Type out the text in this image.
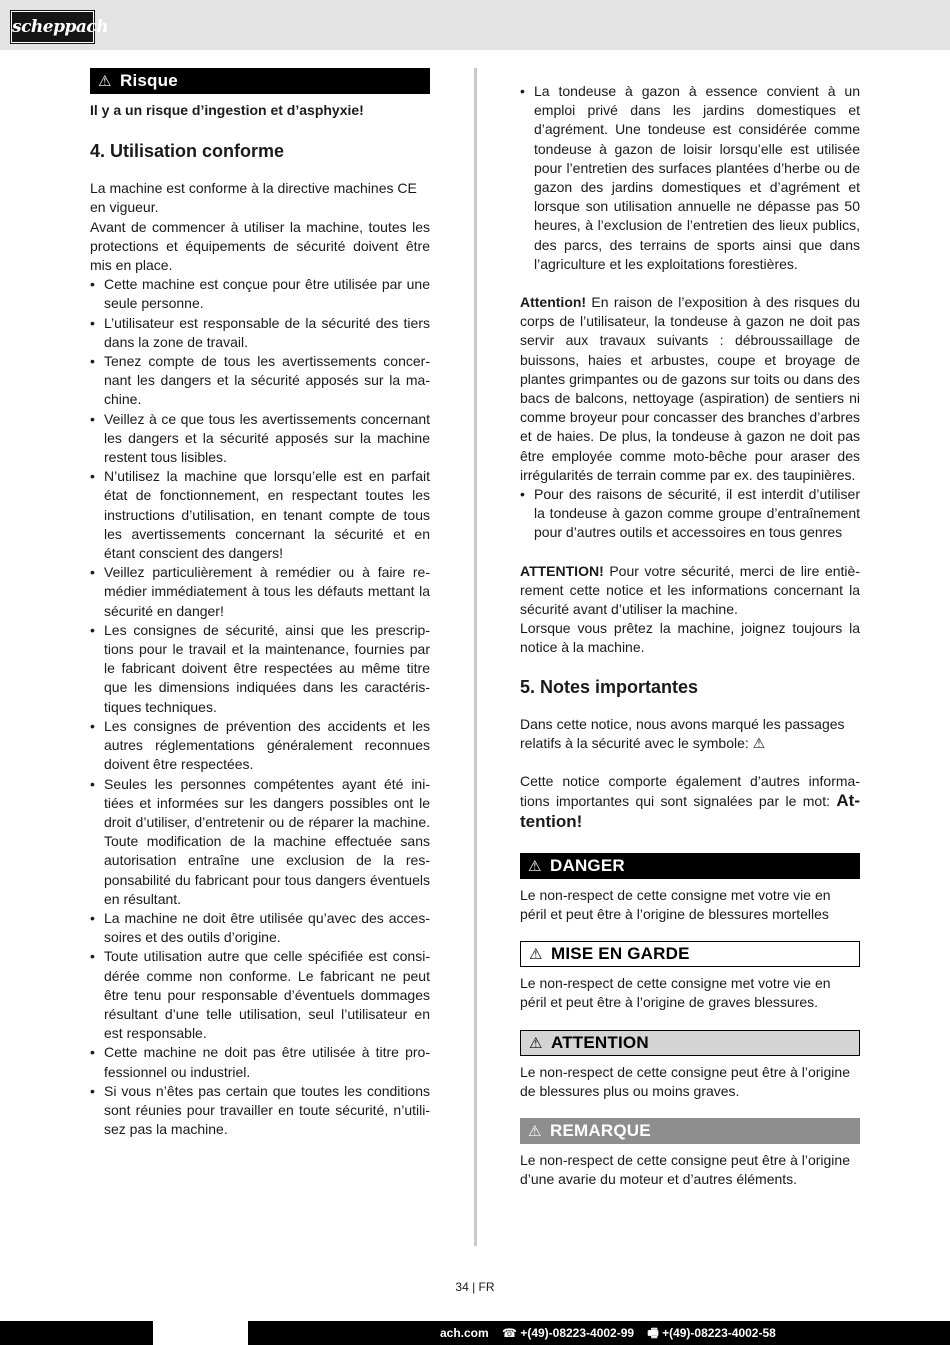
scheppach
⚠ Risque

Il y a un risque d’ingestion et d’asphyxie!

4. Utilisation conforme

La machine est conforme à la directive machines CE en vigueur.

Avant de commencer à utiliser la machine, toutes les protections et équipements de sécurité doivent être mis en place.

• Cette machine est conçue pour être utilisée par une seule personne.
• L’utilisateur est responsable de la sécurité des tiers dans la zone de travail.
• Tenez compte de tous les avertissements concernant les dangers et la sécurité apposés sur la machine.
• Veillez à ce que tous les avertissements concernant les dangers et la sécurité apposés sur la machine restent tous lisibles.
• N’utilisez la machine que lorsqu’elle est en parfait état de fonctionnement, en respectant toutes les instructions d’utilisation, en tenant compte de tous les avertissements concernant la sécurité et en étant conscient des dangers!
• Veillez particulièrement à remédier ou à faire remédier immédiatement à tous les défauts mettant la sécurité en danger!
• Les consignes de sécurité, ainsi que les prescriptions pour le travail et la maintenance, fournies par le fabricant doivent être respectées au même titre que les dimensions indiquées dans les caractéristiques techniques.
• Les consignes de prévention des accidents et les autres réglementations généralement reconnues doivent être respectées.
• Seules les personnes compétentes ayant été initiées et informées sur les dangers possibles ont le droit d’utiliser, d’entretenir ou de réparer la machine. Toute modification de la machine effectuée sans autorisation entraîne une exclusion de la responsabilité du fabricant pour tous dangers éventuels en résultant.
• La machine ne doit être utilisée qu’avec des accessoires et des outils d’origine.
• Toute utilisation autre que celle spécifiée est considérée comme non conforme. Le fabricant ne peut être tenu pour responsable d’éventuels dommages résultant d’une telle utilisation, seul l’utilisateur en est responsable.
• Cette machine ne doit pas être utilisée à titre professionnel ou industriel.
• Si vous n’êtes pas certain que toutes les conditions sont réunies pour travailler en toute sécurité, n’utilisez pas la machine.
• La tondeuse à gazon à essence convient à un emploi privé dans les jardins domestiques et d’agrément. Une tondeuse est considérée comme tondeuse à gazon de loisir lorsqu’elle est utilisée pour l’entretien des surfaces plantées d’herbe ou de gazon des jardins domestiques et d’agrément et lorsque son utilisation annuelle ne dépasse pas 50 heures, à l’exclusion de l’entretien des lieux publics, des parcs, des terrains de sports ainsi que dans l’agriculture et les exploitations forestières.

Attention! En raison de l’exposition à des risques du corps de l’utilisateur, la tondeuse à gazon ne doit pas servir aux travaux suivants : débroussaillage de buissons, haies et arbustes, coupe et broyage de plantes grimpantes ou de gazons sur toits ou dans des bacs de balcons, nettoyage (aspiration) de sentiers ni comme broyeur pour concasser des branches d’arbres et de haies. De plus, la tondeuse à gazon ne doit pas être employée comme moto-bêche pour araser des irrégularités de terrain comme par ex. des taupinières.

• Pour des raisons de sécurité, il est interdit d’utiliser la tondeuse à gazon comme groupe d’entraînement pour d’autres outils et accessoires en tous genres

ATTENTION! Pour votre sécurité, merci de lire entièrement cette notice et les informations concernant la sécurité avant d’utiliser la machine.

Lorsque vous prêtez la machine, joignez toujours la notice à la machine.

5. Notes importantes

Dans cette notice, nous avons marqué les passages relatifs à la sécurité avec le symbole: ⚠

Cette notice comporte également d’autres informations importantes qui sont signalées par le mot: Attention!

⚠ DANGER

Le non-respect de cette consigne met votre vie en péril et peut être à l’origine de blessures mortelles

⚠ MISE EN GARDE

Le non-respect de cette consigne met votre vie en péril et peut être à l’origine de graves blessures.

⚠ ATTENTION

Le non-respect de cette consigne peut être à l’origine de blessures plus ou moins graves.

⚠ REMARQUE

Le non-respect de cette consigne peut être à l’origine d’une avarie du moteur et d’autres éléments.

34 | FR
ach.com ☎ +(49)-08223-4002-99 🖷 +(49)-08223-4002-58
